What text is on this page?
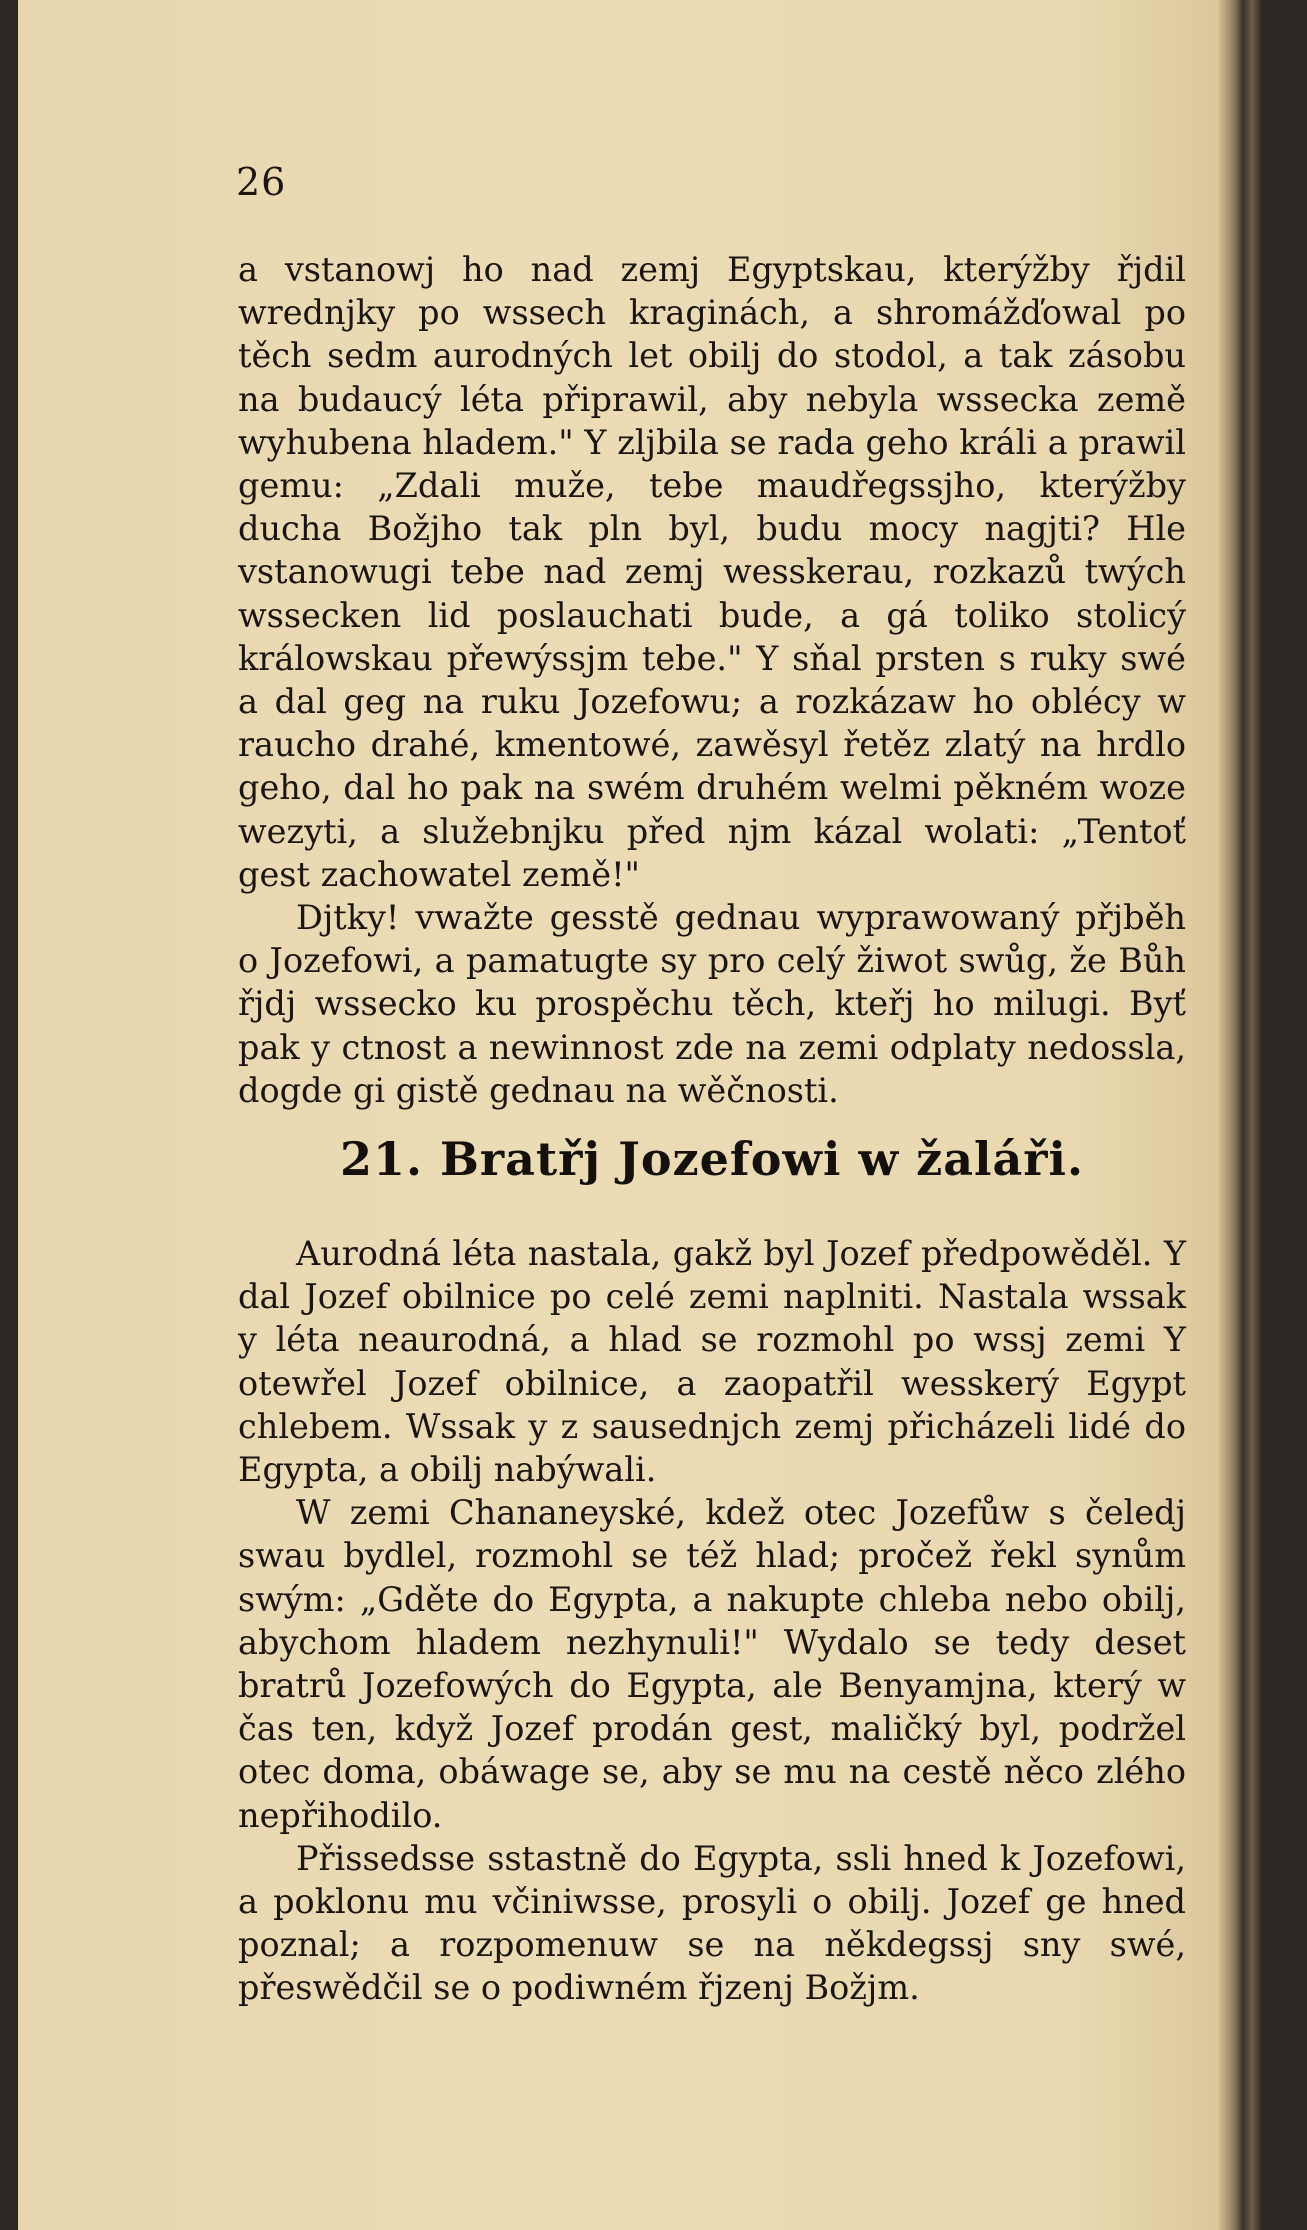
26

a vstanowj ho nad zemj Egyptskau, kterýžby řjdil wrednjky po wssech kraginách, a shromážďowal po těch sedm aurodných let obilj do stodol, a tak zásobu na budaucý léta připrawil, aby nebyla wssecka země wyhubena hladem." Y zljbila se rada geho králi a prawil gemu: „Zdali muže, tebe maudřegssjho, kterýžby ducha Božjho tak pln byl, budu mocy nagjti? Hle vstanowugi tebe nad zemj wesskerau, rozkazů twých wssecken lid poslauchati bude, a gá toliko stolicý králowskau přewýssjm tebe." Y sňal prsten s ruky swé a dal geg na ruku Jozefowu; a rozkázaw ho oblécy w raucho drahé, kmentowé, zawěsyl řetěz zlatý na hrdlo geho, dal ho pak na swém druhém welmi pěkném woze wezyti, a služebnjku před njm kázal wolati: „Tentoť gest zachowatel země!"

Djtky! vwažte gesstě gednau wyprawowaný přjběh o Jozefowi, a pamatugte sy pro celý žiwot swůg, že Bůh řjdj wssecko ku prospěchu těch, kteřj ho milugi. Byť pak y ctnost a newinnost zde na zemi odplaty nedossla, dogde gi gistě gednau na wěčnosti.

21. Bratřj Jozefowi w žaláři.

Aurodná léta nastala, gakž byl Jozef předpowěděl. Y dal Jozef obilnice po celé zemi naplniti. Nastala wssak y léta neaurodná, a hlad se rozmohl po wssj zemi Y otewřel Jozef obilnice, a zaopatřil wesskerý Egypt chlebem. Wssak y z sausednjch zemj přicházeli lidé do Egypta, a obilj nabýwali.

W zemi Chananeyské, kdež otec Jozefůw s čeledj swau bydlel, rozmohl se též hlad; pročež řekl synům swým: „Gděte do Egypta, a nakupte chleba nebo obilj, abychom hladem nezhynuli!" Wydalo se tedy deset bratrů Jozefowých do Egypta, ale Benyamjna, který w čas ten, když Jozef prodán gest, maličký byl, podržel otec doma, obáwage se, aby se mu na cestě něco zlého nepřihodilo.

Přissedsse sstastně do Egypta, ssli hned k Jozefowi, a poklonu mu včiniwsse, prosyli o obilj. Jozef ge hned poznal; a rozpomenuw se na někdegssj sny swé, přeswědčil se o podiwném řjzenj Božjm.
